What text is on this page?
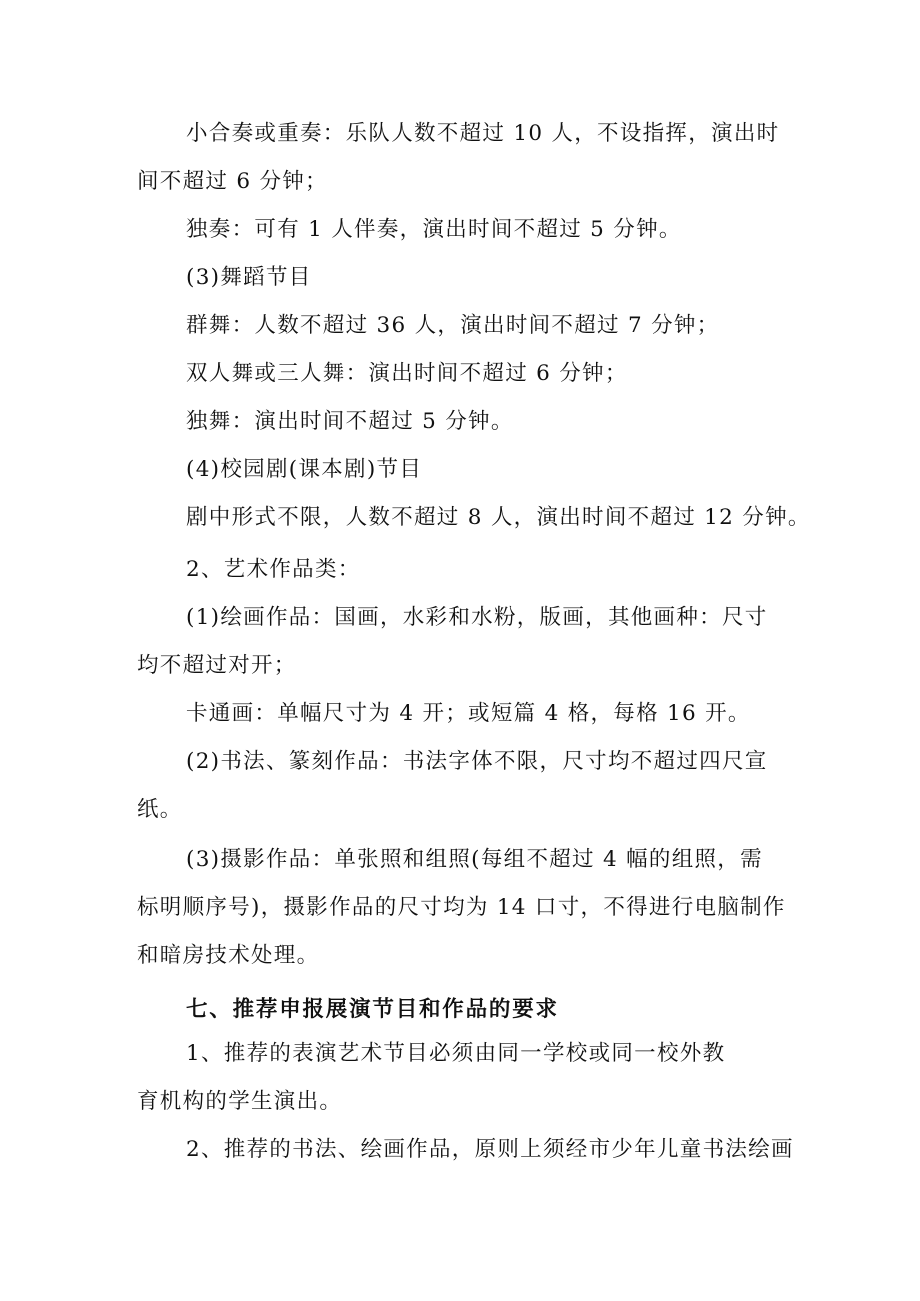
小合奏或重奏：乐队人数不超过 10 人，不设指挥，演出时
间不超过 6 分钟；
独奏：可有 1 人伴奏，演出时间不超过 5 分钟。
(3)舞蹈节目
群舞：人数不超过 36 人，演出时间不超过 7 分钟；
双人舞或三人舞：演出时间不超过 6 分钟；
独舞：演出时间不超过 5 分钟。
(4)校园剧(课本剧)节目
剧中形式不限，人数不超过 8 人，演出时间不超过 12 分钟。
2、艺术作品类：
(1)绘画作品：国画，水彩和水粉，版画，其他画种：尺寸
均不超过对开；
卡通画：单幅尺寸为 4 开；或短篇 4 格，每格 16 开。
(2)书法、篆刻作品：书法字体不限，尺寸均不超过四尺宣
纸。
(3)摄影作品：单张照和组照(每组不超过 4 幅的组照，需
标明顺序号)，摄影作品的尺寸均为 14 口寸，不得进行电脑制作
和暗房技术处理。
七、推荐申报展演节目和作品的要求
1、推荐的表演艺术节目必须由同一学校或同一校外教
育机构的学生演出。
2、推荐的书法、绘画作品，原则上须经市少年儿童书法绘画
